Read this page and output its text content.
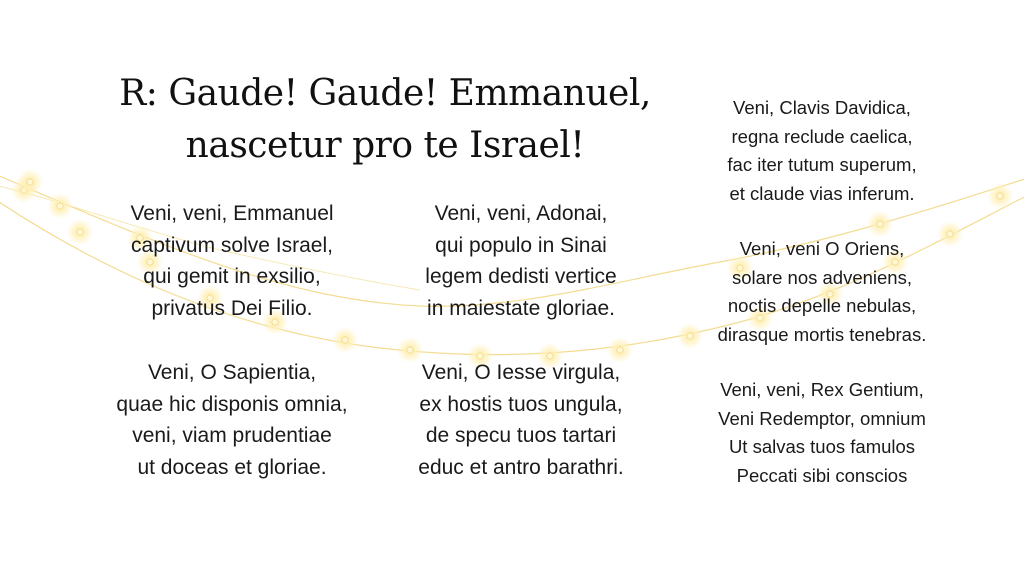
R: Gaude! Gaude! Emmanuel,
nascetur pro te Israel!
Veni, veni, Emmanuel
captivum solve Israel,
qui gemit in exsilio,
privatus Dei Filio.
Veni, O Sapientia,
quae hic disponis omnia,
veni, viam prudentiae
ut doceas et gloriae.
Veni, veni, Adonai,
qui populo in Sinai
legem dedisti vertice
in maiestate gloriae.
Veni, O Iesse virgula,
ex hostis tuos ungula,
de specu tuos tartari
educ et antro barathri.
Veni, Clavis Davidica,
regna reclude caelica,
fac iter tutum superum,
et claude vias inferum.
Veni, veni O Oriens,
solare nos adveniens,
noctis depelle nebulas,
dirasque mortis tenebras.
Veni, veni, Rex Gentium,
Veni Redemptor, omnium
Ut salvas tuos famulos
Peccati sibi conscios
